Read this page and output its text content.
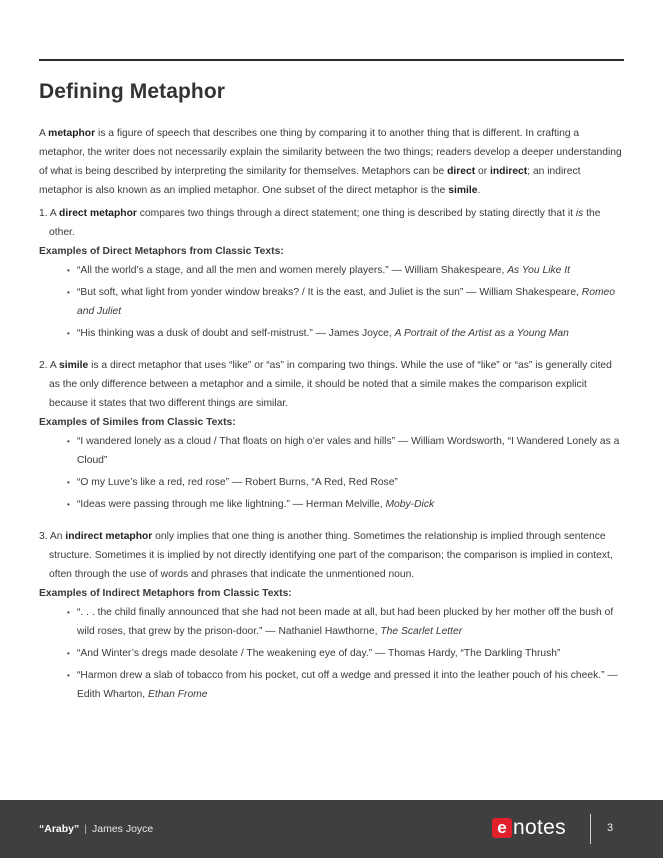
Defining Metaphor

A metaphor is a figure of speech that describes one thing by comparing it to another thing that is different. In crafting a metaphor, the writer does not necessarily explain the similarity between the two things; readers develop a deeper understanding of what is being described by interpreting the similarity for themselves. Metaphors can be direct or indirect; an indirect metaphor is also known as an implied metaphor. One subset of the direct metaphor is the simile.

1. A direct metaphor compares two things through a direct statement; one thing is described by stating directly that it is the other.

Examples of Direct Metaphors from Classic Texts:

• “All the world’s a stage, and all the men and women merely players.” — William Shakespeare, As You Like It
• “But soft, what light from yonder window breaks? / It is the east, and Juliet is the sun” — William Shakespeare, Romeo and Juliet
• “His thinking was a dusk of doubt and self-mistrust.” — James Joyce, A Portrait of the Artist as a Young Man

2. A simile is a direct metaphor that uses “like” or “as” in comparing two things. While the use of “like” or “as” is generally cited as the only difference between a metaphor and a simile, it should be noted that a simile makes the comparison explicit because it states that two different things are similar.

Examples of Similes from Classic Texts:

• “I wandered lonely as a cloud / That floats on high o’er vales and hills” — William Wordsworth, “I Wandered Lonely as a Cloud”
• “O my Luve’s like a red, red rose” — Robert Burns, “A Red, Red Rose”
• “Ideas were passing through me like lightning.” — Herman Melville, Moby-Dick

3. An indirect metaphor only implies that one thing is another thing. Sometimes the relationship is implied through sentence structure. Sometimes it is implied by not directly identifying one part of the comparison; the comparison is implied in context, often through the use of words and phrases that indicate the unmentioned noun.

Examples of Indirect Metaphors from Classic Texts:

• “. . . the child finally announced that she had not been made at all, but had been plucked by her mother off the bush of wild roses, that grew by the prison-door.” — Nathaniel Hawthorne, The Scarlet Letter
• “And Winter’s dregs made desolate / The weakening eye of day.” — Thomas Hardy, “The Darkling Thrush”
• “Harmon drew a slab of tobacco from his pocket, cut off a wedge and pressed it into the leather pouch of his cheek.” — Edith Wharton, Ethan Frome
“Araby” | James Joyce	e notes	3
